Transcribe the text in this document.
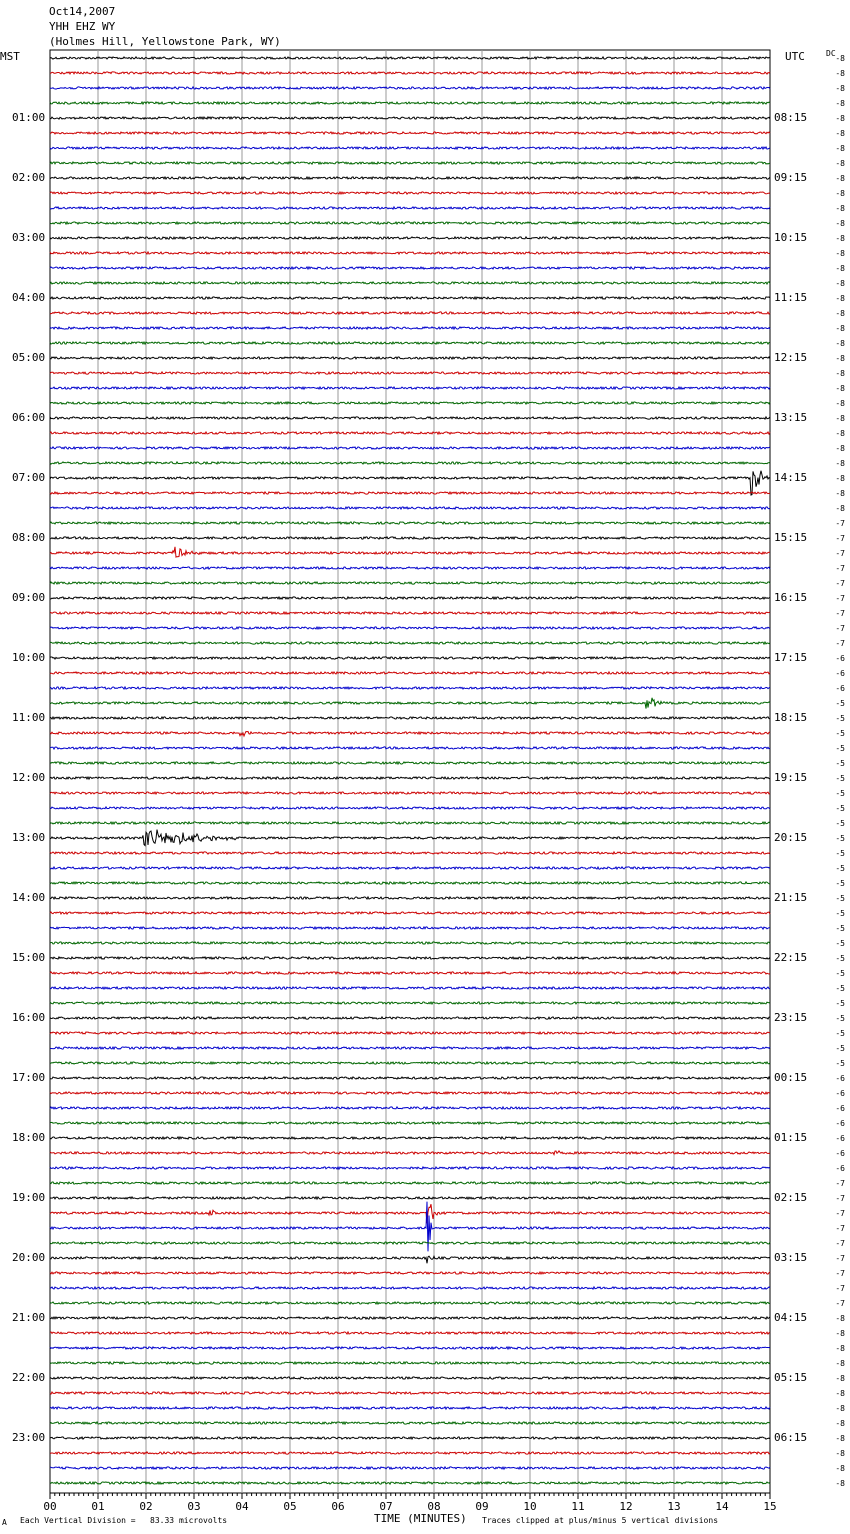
Oct14,2007
YHH EHZ WY
(Holmes Hill, Yellowstone Park, WY)
MST	UTC	DC
00	01	02	03	04	05	06	07	08	09	10	11	12	13	14	15
-8
-8
-8
-8
-8
-8
-8
-8
-8
-8
-8
-8
-8
-8
-8
-8
-8
-8
-8
-8
-8
-8
-8
-8
-8
-8
-8
-8
-8
-8
-8
-7
-7
-7
-7
-7
-7
-7
-7
-7
-6
-6
-6
-5
-5
-5
-5
-5
-5
-5
-5
-5
-5
-5
-5
-5
-5
-5
-5
-5
-5
-5
-5
-5
-5
-5
-5
-5
-6
-6
-6
-6
-6
-6
-6
-7
-7
-7
-7
-7
-7
-7
-7
-7
-8
-8
-8
-8
-8
-8
-8
-8
-8
-8
-8
-8
A Each Vertical Division =   83.33 microvolts	TIME (MINUTES) Traces clipped at plus/minus 5 vertical divisions
01:00	08:15
02:00	09:15
03:00	10:15
04:00	11:15
05:00	12:15
06:00	13:15
07:00	14:15
08:00	15:15
09:00	16:15
10:00	17:15
11:00	18:15
12:00	19:15
13:00	20:15
14:00	21:15
15:00	22:15
16:00	23:15
17:00	00:15
18:00	01:15
19:00	02:15
20:00	03:15
21:00	04:15
22:00	05:15
23:00	06:15
